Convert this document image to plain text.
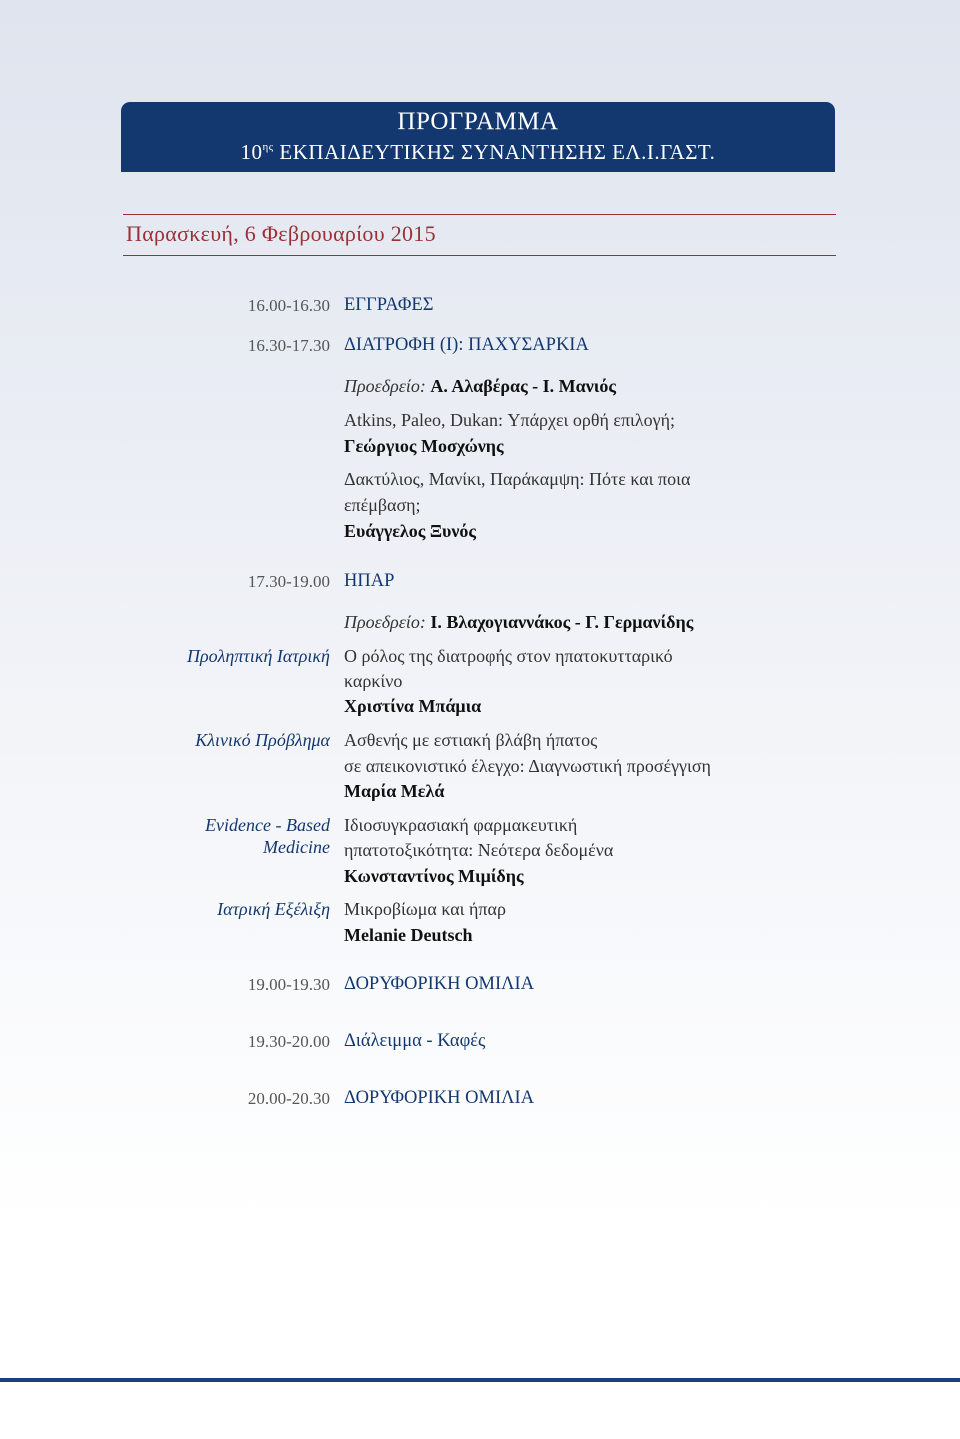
ΠΡΟΓΡΑΜΜΑ
$10^{\eta\varsigma}$ ΕΚΠΑΙΔΕΥΤΙΚΗΣ ΣΥΝΑΝΤΗΣΗΣ ΕΛ.Ι.ΓΑΣΤ.
Παρασκευή, 6 Φεβρουαρίου 2015
16.00-16.30 ΕΓΓΡΑΦΕΣ
16.30-17.30 ΔΙΑΤΡΟΦΗ (Ι): ΠΑΧΥΣΑΡΚΙΑ
Προεδρείο: Α. Αλαβέρας - Ι. Μανιός
Atkins, Paleo, Dukan: Υπάρχει ορθή επιλογή;
Γεώργιος Μοσχώνης
Δακτύλιος, Μανίκι, Παράκαμψη: Πότε και ποια
επέμβαση;
Ευάγγελος Ξυνός
17.30-19.00 ΗΠΑΡ
Προεδρείο: Ι. Βλαχογιαννάκος - Γ. Γερμανίδης
Προληπτική Ιατρική Ο ρόλος της διατροφής στον ηπατοκυτταρικό
καρκίνο
Χριστίνα Μπάμια
Κλινικό Πρόβλημα Ασθενής με εστιακή βλάβη ήπατος
σε απεικονιστικό έλεγχο: Διαγνωστική προσέγγιση
Μαρία Μελά
Evidence - Based
Medicine
Ιδιοσυγκρασιακή φαρμακευτική
ηπατοτοξικότητα: Νεότερα δεδομένα
Κωνσταντίνος Μιμίδης
Ιατρική Εξέλιξη Μικροβίωμα και ήπαρ
Melanie Deutsch
19.00-19.30 ΔΟΡΥΦΟΡΙΚΗ ΟΜΙΛΙΑ
19.30-20.00 Διάλειμμα - Καφές
20.00-20.30 ΔΟΡΥΦΟΡΙΚΗ ΟΜΙΛΙΑ
